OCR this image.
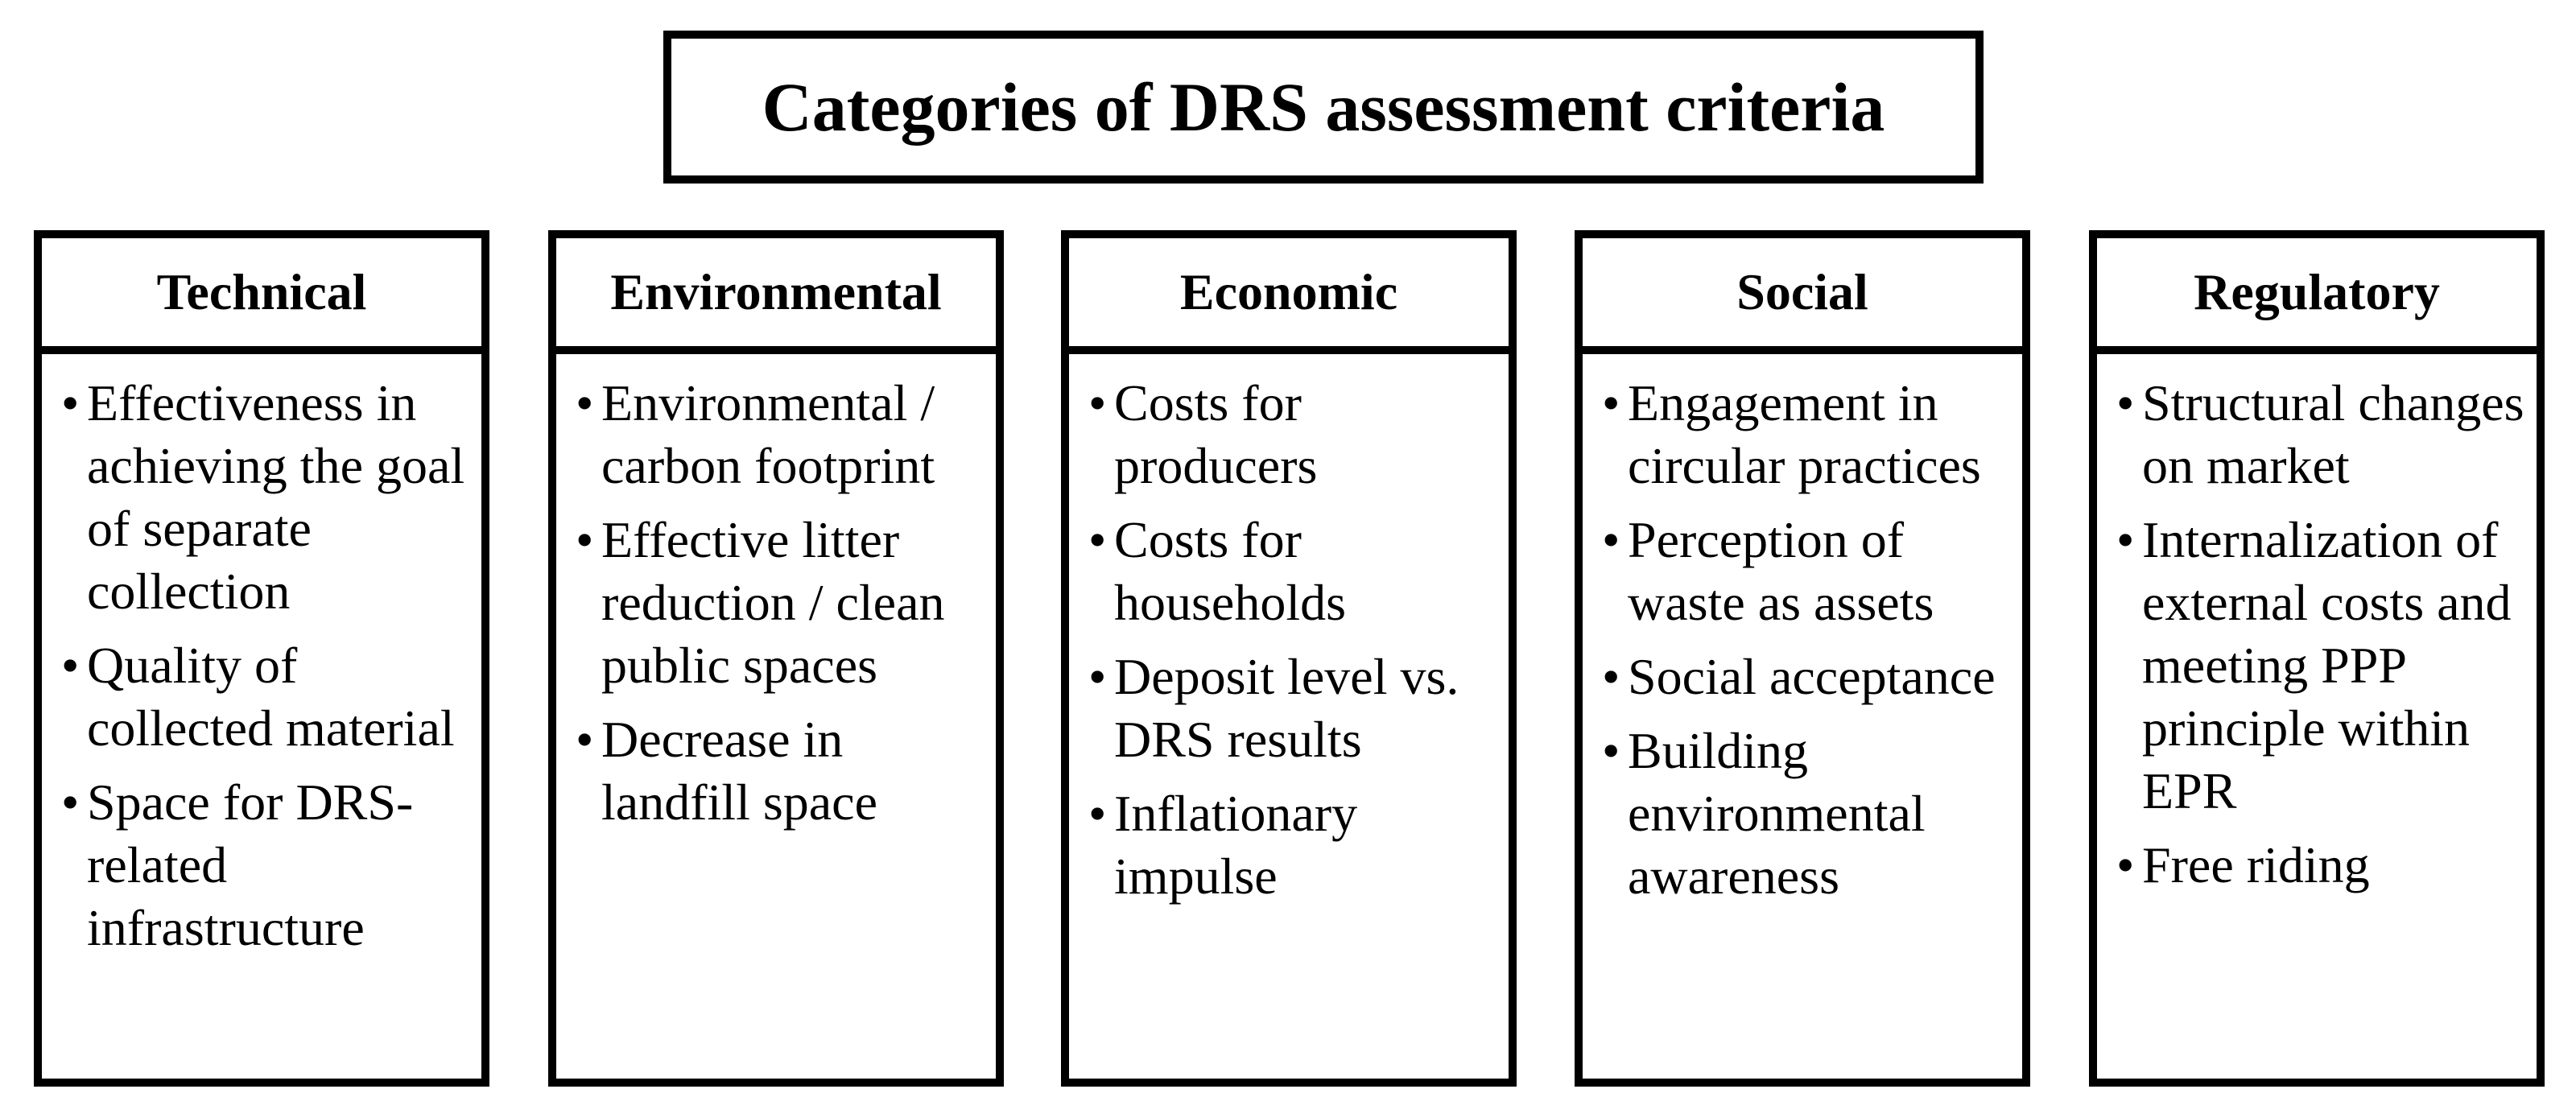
Categories of DRS assessment criteria
Technical
• Effectiveness in achieving the goal of separate collection
• Quality of collected material
• Space for DRS-related infrastructure
Environmental
• Environmental / carbon footprint
• Effective litter reduction / clean public spaces
• Decrease in landfill space
Economic
• Costs for producers
• Costs for households
• Deposit level vs. DRS results
• Inflationary impulse
Social
• Engagement in circular practices
• Perception of waste as assets
• Social acceptance
• Building environmental awareness
Regulatory
• Structural changes on market
• Internalization of external costs and meeting PPP principle within EPR
• Free riding
